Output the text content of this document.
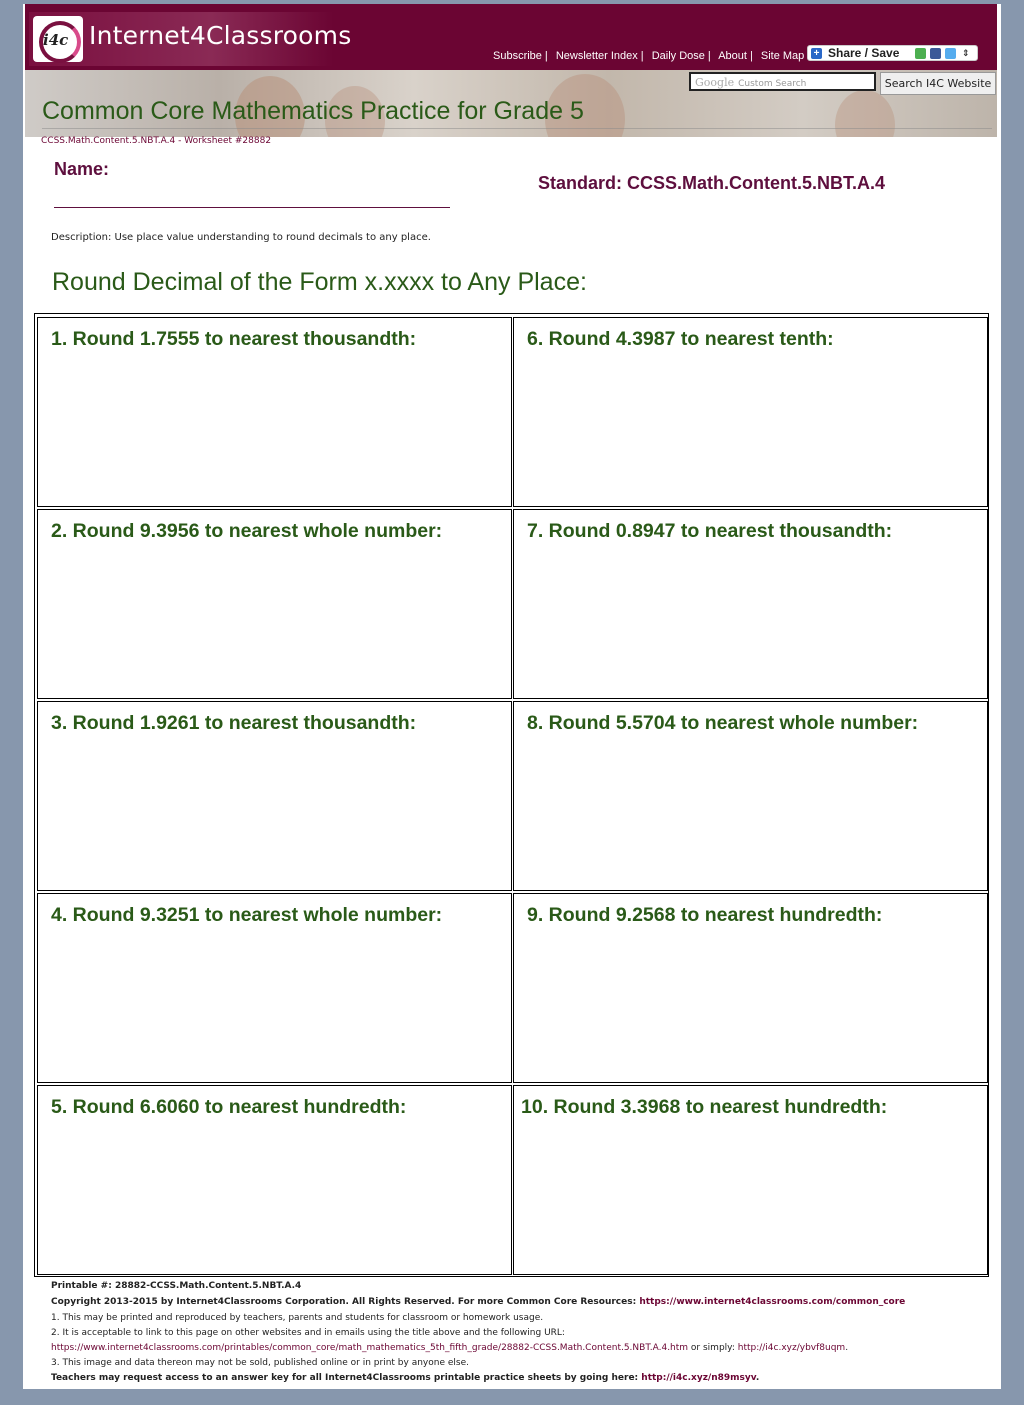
i4c Internet4Classrooms
Subscribe | Newsletter Index | Daily Dose | About | Site Map + Share / Save	⇕
Common Core Mathematics Practice for Grade 5
Google Custom Search	Search I4C Website
CCSS.Math.Content.5.NBT.A.4 - Worksheet #28882
Name:
Standard: CCSS.Math.Content.5.NBT.A.4
Description: Use place value understanding to round decimals to any place.
Round Decimal of the Form x.xxxx to Any Place:
1. Round 1.7555 to nearest thousandth:
2. Round 9.3956 to nearest whole number:
3. Round 1.9261 to nearest thousandth:
4. Round 9.3251 to nearest whole number:
5. Round 6.6060 to nearest hundredth:
6. Round 4.3987 to nearest tenth:
7. Round 0.8947 to nearest thousandth:
8. Round 5.5704 to nearest whole number:
9. Round 9.2568 to nearest hundredth:
10. Round 3.3968 to nearest hundredth:
Printable #: 28882-CCSS.Math.Content.5.NBT.A.4
Copyright 2013-2015 by Internet4Classrooms Corporation. All Rights Reserved. For more Common Core Resources: https://www.internet4classrooms.com/common_core
1. This may be printed and reproduced by teachers, parents and students for classroom or homework usage.
2. It is acceptable to link to this page on other websites and in emails using the title above and the following URL:
https://www.internet4classrooms.com/printables/common_core/math_mathematics_5th_fifth_grade/28882-CCSS.Math.Content.5.NBT.A.4.htm or simply: http://i4c.xyz/ybvf8uqm.
3. This image and data thereon may not be sold, published online or in print by anyone else.
Teachers may request access to an answer key for all Internet4Classrooms printable practice sheets by going here: http://i4c.xyz/n89msyv.
